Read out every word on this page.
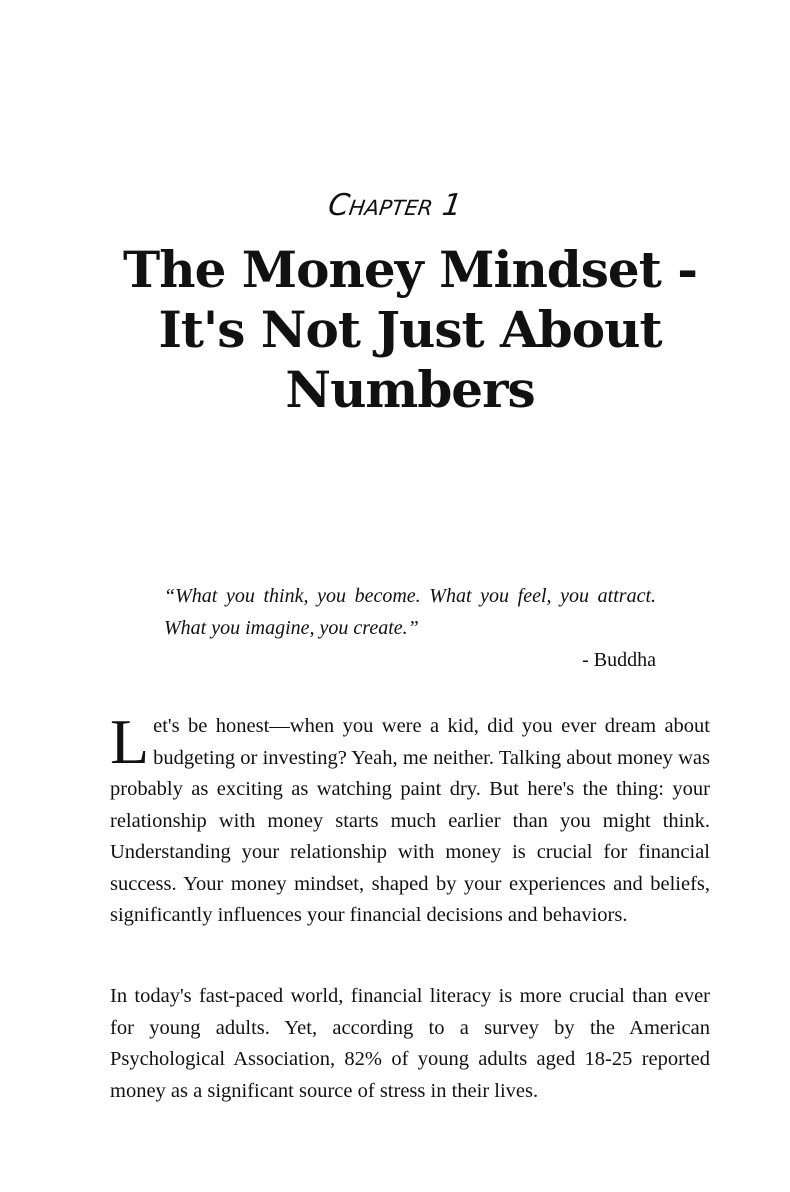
Chapter 1
The Money Mindset - It's Not Just About Numbers

“What you think, you become. What you feel, you attract. What you imagine, you create.”

- Buddha

Let's be honest—when you were a kid, did you ever dream about budgeting or investing? Yeah, me neither. Talking about money was probably as exciting as watching paint dry. But here's the thing: your relationship with money starts much earlier than you might think. Understanding your relationship with money is crucial for financial success. Your money mindset, shaped by your experiences and beliefs, significantly influences your financial decisions and behaviors.

In today's fast-paced world, financial literacy is more crucial than ever for young adults. Yet, according to a survey by the American Psychological Association, 82% of young adults aged 18-25 reported money as a significant source of stress in their lives.
